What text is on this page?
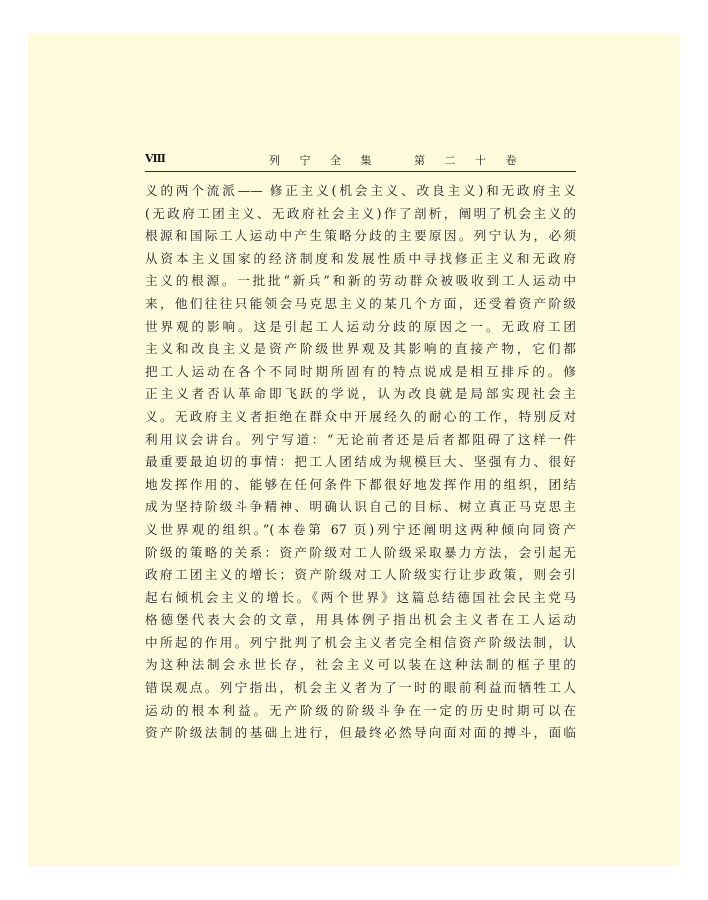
Ⅷ	列 宁 全 集   第 二 十 卷
义的两个流派—— 修正主义(机会主义、改良主义)和无政府主义
(无政府工团主义、无政府社会主义)作了剖析，阐明了机会主义的
根源和国际工人运动中产生策略分歧的主要原因。列宁认为，必须
从资本主义国家的经济制度和发展性质中寻找修正主义和无政府
主义的根源。一批批“新兵”和新的劳动群众被吸收到工人运动中
来，他们往往只能领会马克思主义的某几个方面，还受着资产阶级
世界观的影响。这是引起工人运动分歧的原因之一。无政府工团
主义和改良主义是资产阶级世界观及其影响的直接产物，它们都
把工人运动在各个不同时期所固有的特点说成是相互排斥的。修
正主义者否认革命即飞跃的学说，认为改良就是局部实现社会主
义。无政府主义者拒绝在群众中开展经久的耐心的工作，特别反对
利用议会讲台。列宁写道：“无论前者还是后者都阻碍了这样一件
最重要最迫切的事情：把工人团结成为规模巨大、坚强有力、很好
地发挥作用的、能够在任何条件下都很好地发挥作用的组织，团结
成为坚持阶级斗争精神、明确认识自己的目标、树立真正马克思主
义世界观的组织。”(本卷第 67 页)列宁还阐明这两种倾向同资产
阶级的策略的关系：资产阶级对工人阶级采取暴力方法，会引起无
政府工团主义的增长；资产阶级对工人阶级实行让步政策，则会引
起右倾机会主义的增长。《两个世界》这篇总结德国社会民主党马
格德堡代表大会的文章，用具体例子指出机会主义者在工人运动
中所起的作用。列宁批判了机会主义者完全相信资产阶级法制，认
为这种法制会永世长存，社会主义可以装在这种法制的框子里的
错误观点。列宁指出，机会主义者为了一时的眼前利益而牺牲工人
运动的根本利益。无产阶级的阶级斗争在一定的历史时期可以在
资产阶级法制的基础上进行，但最终必然导向面对面的搏斗，面临
